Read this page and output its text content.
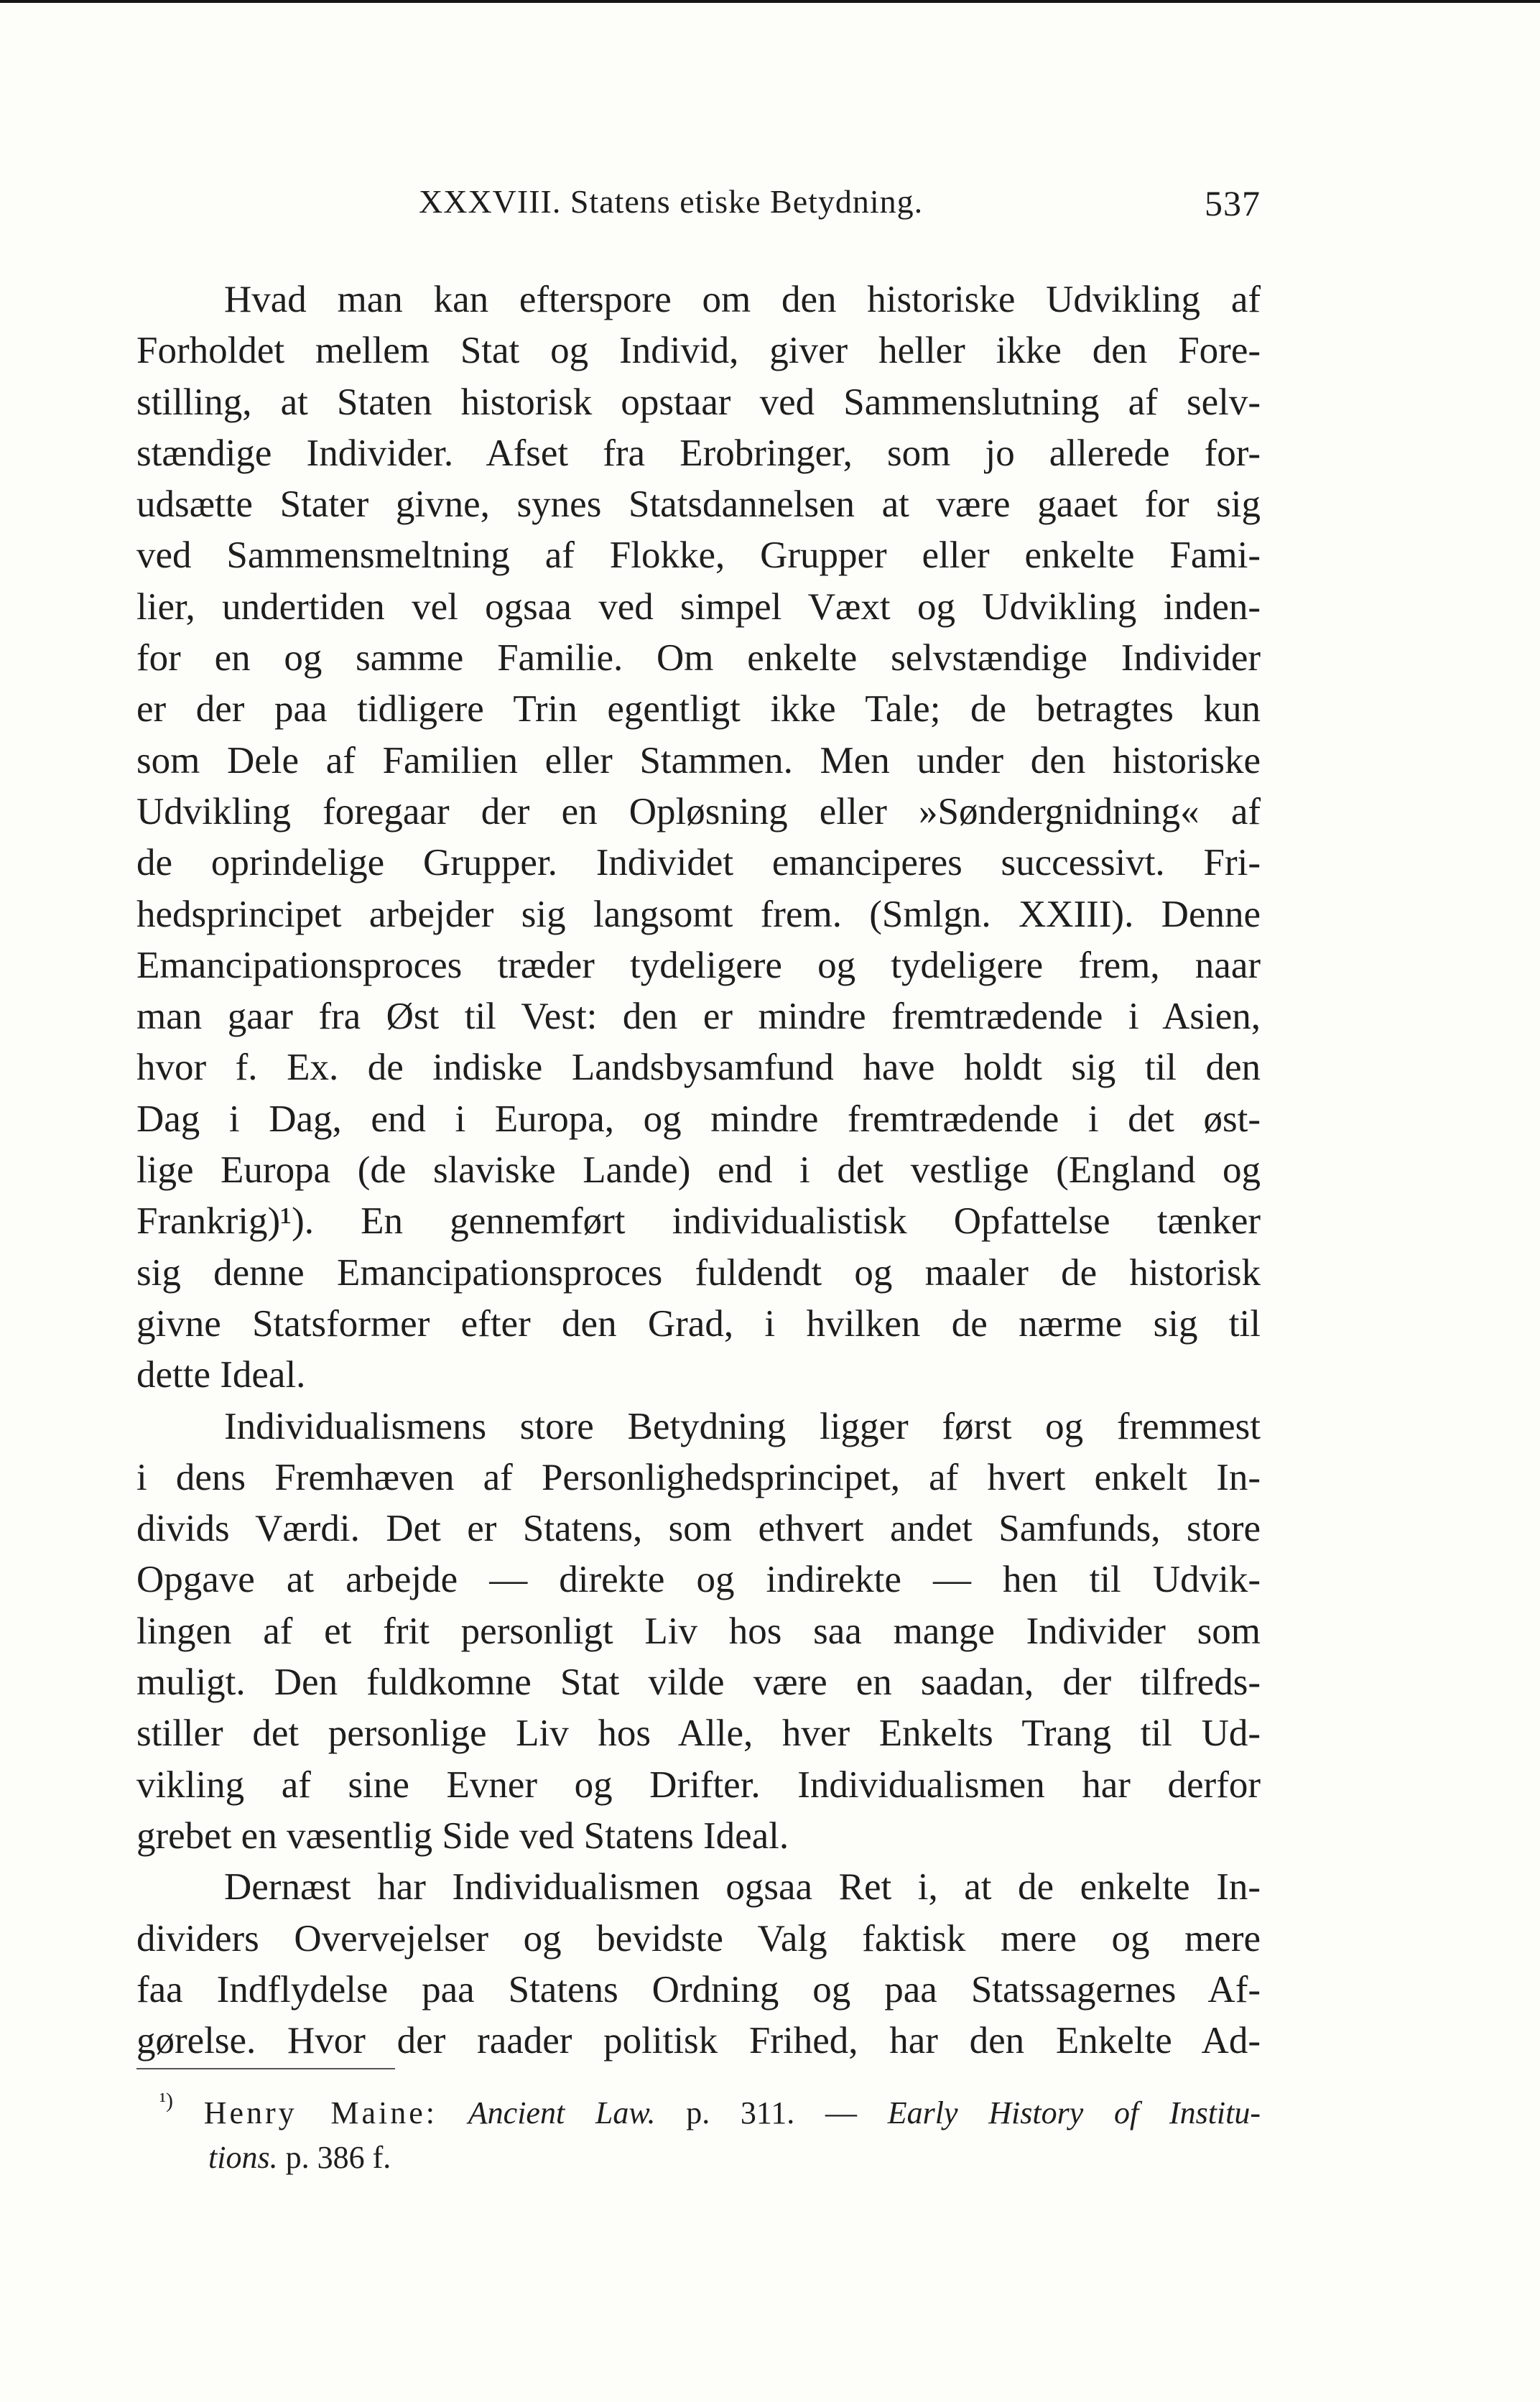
XXXVIII. Statens etiske Betydning.	537
Hvad man kan efterspore om den historiske Udvikling af
Forholdet mellem Stat og Individ, giver heller ikke den Fore-
stilling, at Staten historisk opstaar ved Sammenslutning af selv-
stændige Individer. Afset fra Erobringer, som jo allerede for-
udsætte Stater givne, synes Statsdannelsen at være gaaet for sig
ved Sammensmeltning af Flokke, Grupper eller enkelte Fami-
lier, undertiden vel ogsaa ved simpel Væxt og Udvikling inden-
for en og samme Familie. Om enkelte selvstændige Individer
er der paa tidligere Trin egentligt ikke Tale; de betragtes kun
som Dele af Familien eller Stammen. Men under den historiske
Udvikling foregaar der en Opløsning eller »Søndergnidning« af
de oprindelige Grupper. Individet emanciperes successivt. Fri-
hedsprincipet arbejder sig langsomt frem. (Smlgn. XXIII). Denne
Emancipationsproces træder tydeligere og tydeligere frem, naar
man gaar fra Øst til Vest: den er mindre fremtrædende i Asien,
hvor f. Ex. de indiske Landsbysamfund have holdt sig til den
Dag i Dag, end i Europa, og mindre fremtrædende i det øst-
lige Europa (de slaviske Lande) end i det vestlige (England og
Frankrig)¹). En gennemført individualistisk Opfattelse tænker
sig denne Emancipationsproces fuldendt og maaler de historisk
givne Statsformer efter den Grad, i hvilken de nærme sig til
dette Ideal.
Individualismens store Betydning ligger først og fremmest
i dens Fremhæven af Personlighedsprincipet, af hvert enkelt In-
divids Værdi. Det er Statens, som ethvert andet Samfunds, store
Opgave at arbejde — direkte og indirekte — hen til Udvik-
lingen af et frit personligt Liv hos saa mange Individer som
muligt. Den fuldkomne Stat vilde være en saadan, der tilfreds-
stiller det personlige Liv hos Alle, hver Enkelts Trang til Ud-
vikling af sine Evner og Drifter. Individualismen har derfor
grebet en væsentlig Side ved Statens Ideal.
Dernæst har Individualismen ogsaa Ret i, at de enkelte In-
dividers Overvejelser og bevidste Valg faktisk mere og mere
faa Indflydelse paa Statens Ordning og paa Statssagernes Af-
gørelse. Hvor der raader politisk Frihed, har den Enkelte Ad-
$^{^1)}$ Henry Maine: Ancient Law. p. 311. — Early History of Institu-
tions. p. 386 f.
